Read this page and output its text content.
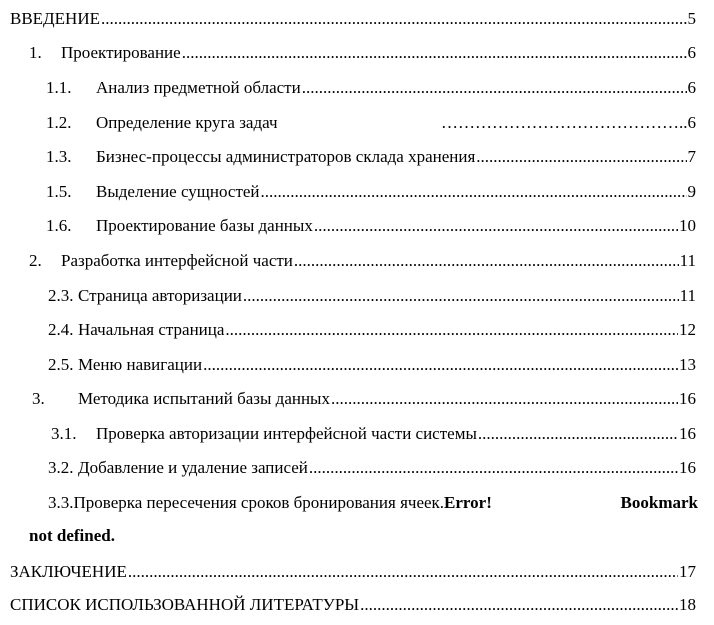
ВВЕДЕНИЕ .....	5
1.	Проектирование .....	6
1.1.	Анализ предметной области .....	6
1.2.	Определение круга задач	…………………………………….. 6
1.3.	Бизнес-процессы администраторов склада хранения .....	7
1.5.	Выделение сущностей .....	9
1.6.	Проектирование базы данных .....	10
2.	Разработка интерфейсной части .....	11
2.3. Страница авторизации .....	11
2.4. Начальная страница .....	12
2.5. Меню навигации .....	13
3.	Методика испытаний базы данных .....	16
3.1.	Проверка авторизации интерфейсной части системы .....	16
3.2. Добавление и удаление записей .....	16
3.3.Проверка пересечения сроков бронирования ячеек.Error!	Bookmark
not defined.
ЗАКЛЮЧЕНИЕ .....	17
СПИСОК ИСПОЛЬЗОВАННОЙ ЛИТЕРАТУРЫ .....	18
